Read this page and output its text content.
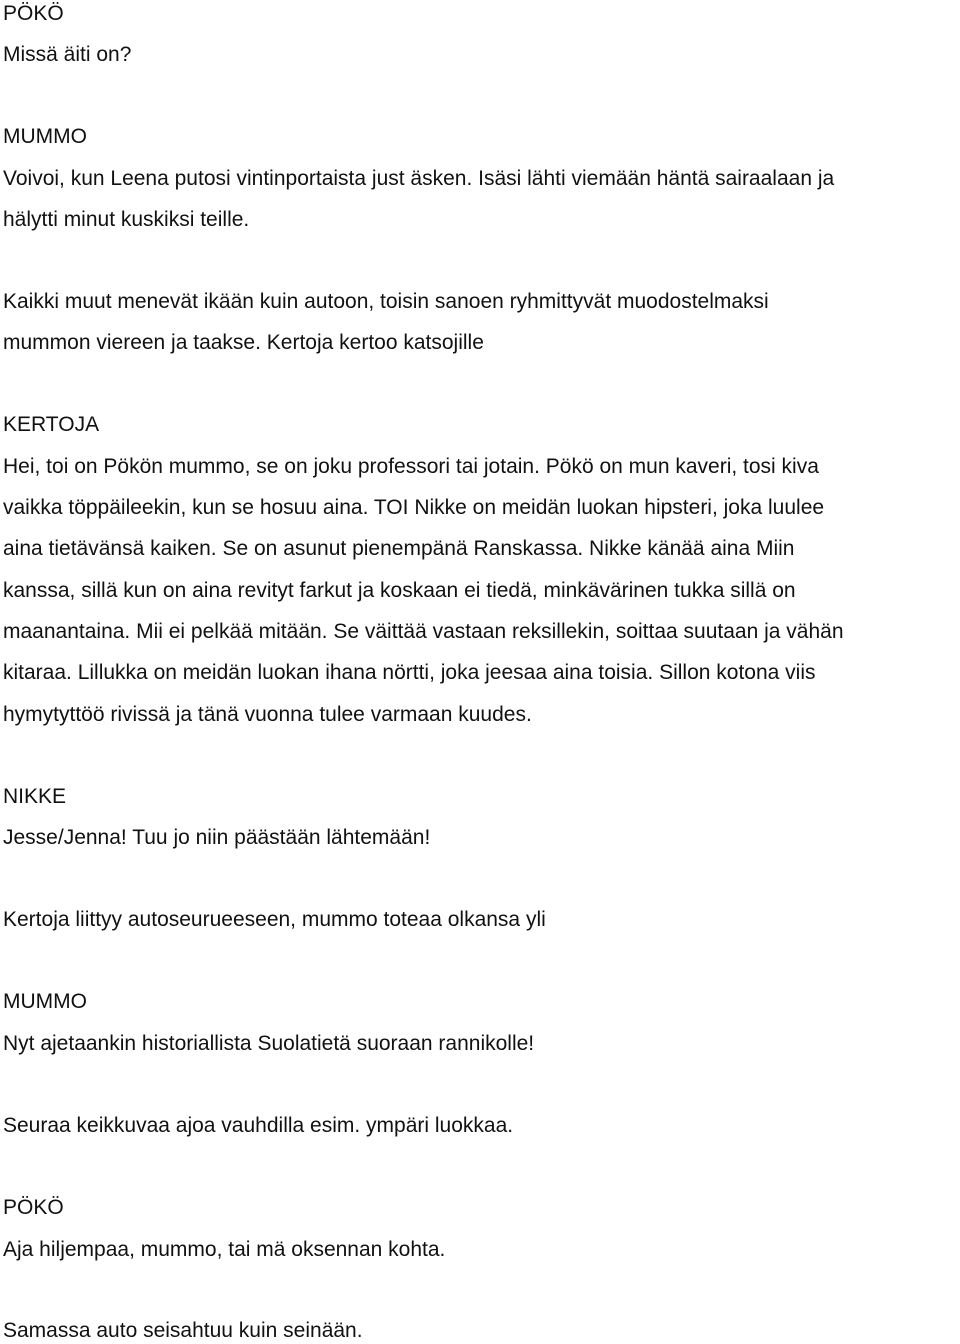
PÖKÖ
Missä äiti on?
MUMMO
Voivoi, kun Leena putosi vintinportaista just äsken. Isäsi lähti viemään häntä sairaalaan ja
hälytti minut kuskiksi teille.
Kaikki muut menevät ikään kuin autoon, toisin sanoen ryhmittyvät muodostelmaksi
mummon viereen ja taakse. Kertoja kertoo katsojille
KERTOJA
Hei, toi on Pökön mummo, se on joku professori tai jotain. Pökö on mun kaveri, tosi kiva
vaikka töppäileekin, kun se hosuu aina. TOI Nikke on meidän luokan hipsteri, joka luulee
aina tietävänsä kaiken. Se on asunut pienempänä Ranskassa. Nikke känää aina Miin
kanssa, sillä kun on aina revityt farkut ja koskaan ei tiedä, minkävärinen tukka sillä on
maanantaina. Mii ei pelkää mitään. Se väittää vastaan reksillekin, soittaa suutaan ja vähän
kitaraa. Lillukka on meidän luokan ihana nörtti, joka jeesaa aina toisia. Sillon kotona viis
hymytyttöö rivissä ja tänä vuonna tulee varmaan kuudes.
NIKKE
Jesse/Jenna! Tuu jo niin päästään lähtemään!
Kertoja liittyy autoseurueeseen, mummo toteaa olkansa yli
MUMMO
Nyt ajetaankin historiallista Suolatietä suoraan rannikolle!
Seuraa keikkuvaa ajoa vauhdilla esim. ympäri luokkaa.
PÖKÖ
Aja hiljempaa, mummo, tai mä oksennan kohta.
Samassa auto seisahtuu kuin seinään.
